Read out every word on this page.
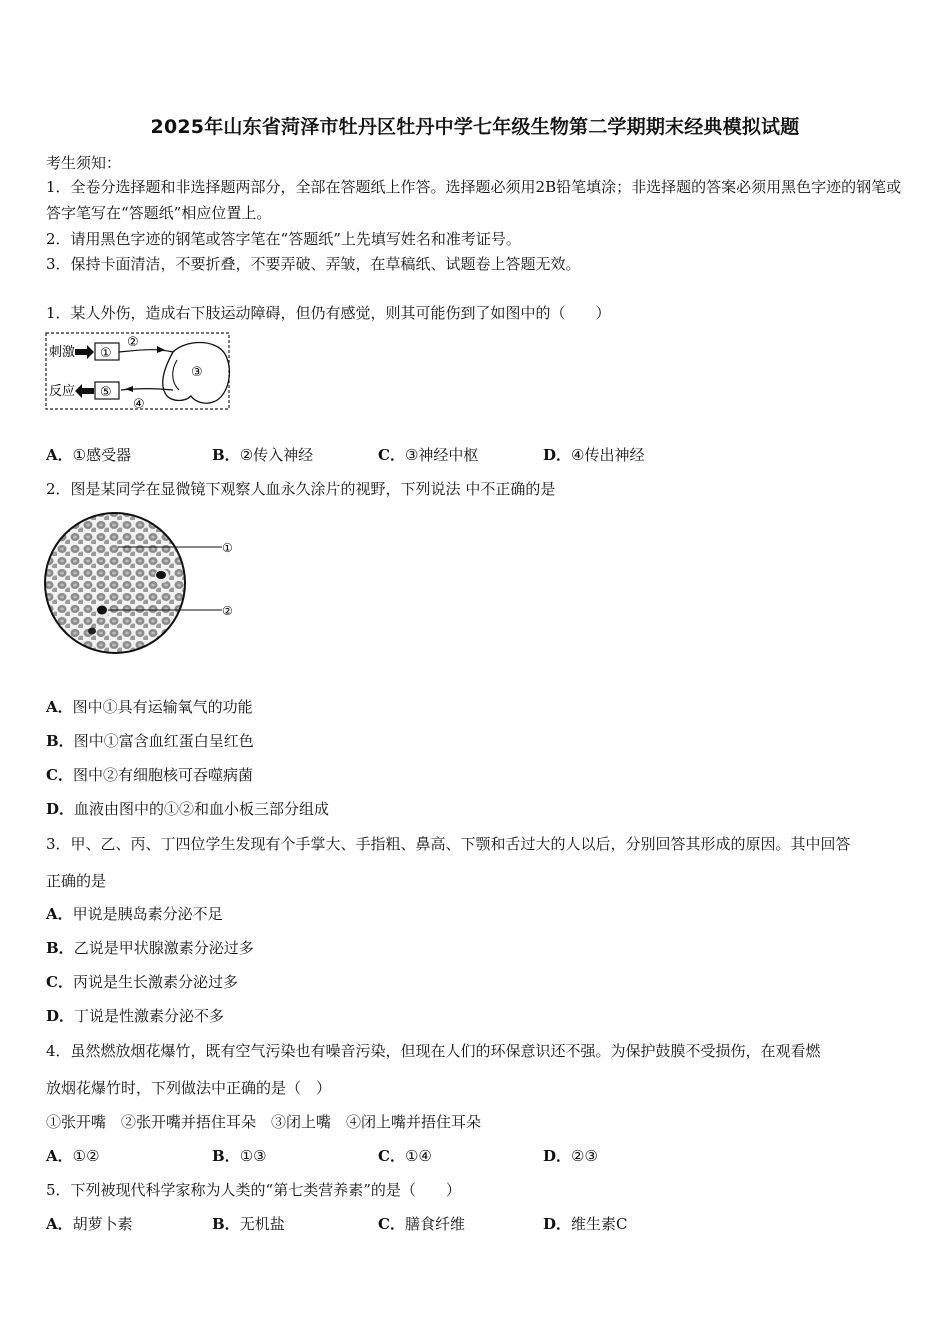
2025年山东省菏泽市牡丹区牡丹中学七年级生物第二学期期末经典模拟试题
考生须知：
1．全卷分选择题和非选择题两部分，全部在答题纸上作答。选择题必须用2B铅笔填涂；非选择题的答案必须用黑色字迹的钢笔或答字笔写在“答题纸”相应位置上。
2．请用黑色字迹的钢笔或答字笔在“答题纸”上先填写姓名和准考证号。
3．保持卡面清洁，不要折叠，不要弄破、弄皱，在草稿纸、试题卷上答题无效。
1．某人外伤，造成右下肢运动障碍，但仍有感觉，则其可能伤到了如图中的（　　）
刺激 ①
②
③
⑤
④
反应
A．①感受器	B．②传入神经	C．③神经中枢	D．④传出神经
2．图是某同学在显微镜下观察人血永久涂片的视野，下列说法 中不正确的是
①
②
A．图中①具有运输氧气的功能
B．图中①富含血红蛋白呈红色
C．图中②有细胞核可吞噬病菌
D．血液由图中的①②和血小板三部分组成
3．甲、乙、丙、丁四位学生发现有个手掌大、手指粗、鼻高、下颚和舌过大的人以后，分别回答其形成的原因。其中回答
正确的是
A．甲说是胰岛素分泌不足
B．乙说是甲状腺激素分泌过多
C．丙说是生长激素分泌过多
D．丁说是性激素分泌不多
4．虽然燃放烟花爆竹，既有空气污染也有噪音污染，但现在人们的环保意识还不强。为保护鼓膜不受损伤，在观看燃
放烟花爆竹时，下列做法中正确的是（　）
①张开嘴　②张开嘴并捂住耳朵　③闭上嘴　④闭上嘴并捂住耳朵
A．①②	B．①③	C．①④	D．②③
5．下列被现代科学家称为人类的“第七类营养素”的是（　　）
A．胡萝卜素	B．无机盐	C．膳食纤维	D．维生素C
